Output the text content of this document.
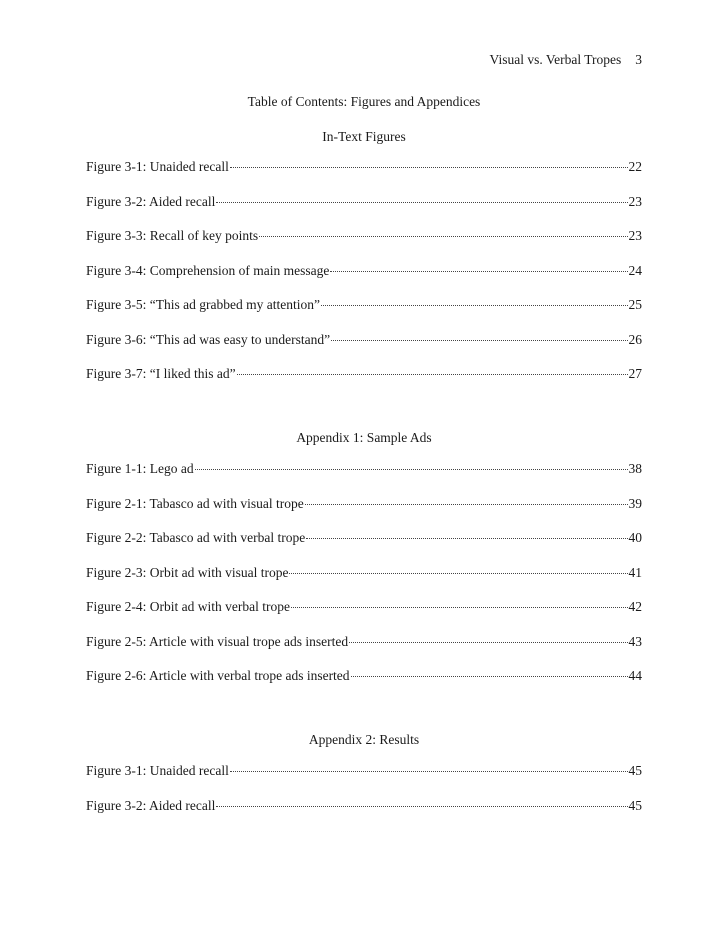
Visual vs. Verbal Tropes 3
Table of Contents: Figures and Appendices
In-Text Figures
Figure 3-1: Unaided recall	22
Figure 3-2: Aided recall	23
Figure 3-3: Recall of key points	23
Figure 3-4: Comprehension of main message	24
Figure 3-5: “This ad grabbed my attention”	25
Figure 3-6: “This ad was easy to understand”	26
Figure 3-7: “I liked this ad”	27
Appendix 1: Sample Ads
Figure 1-1: Lego ad	38
Figure 2-1: Tabasco ad with visual trope	39
Figure 2-2: Tabasco ad with verbal trope	40
Figure 2-3: Orbit ad with visual trope	41
Figure 2-4: Orbit ad with verbal trope	42
Figure 2-5: Article with visual trope ads inserted	43
Figure 2-6: Article with verbal trope ads inserted	44
Appendix 2: Results
Figure 3-1: Unaided recall	45
Figure 3-2: Aided recall	45
